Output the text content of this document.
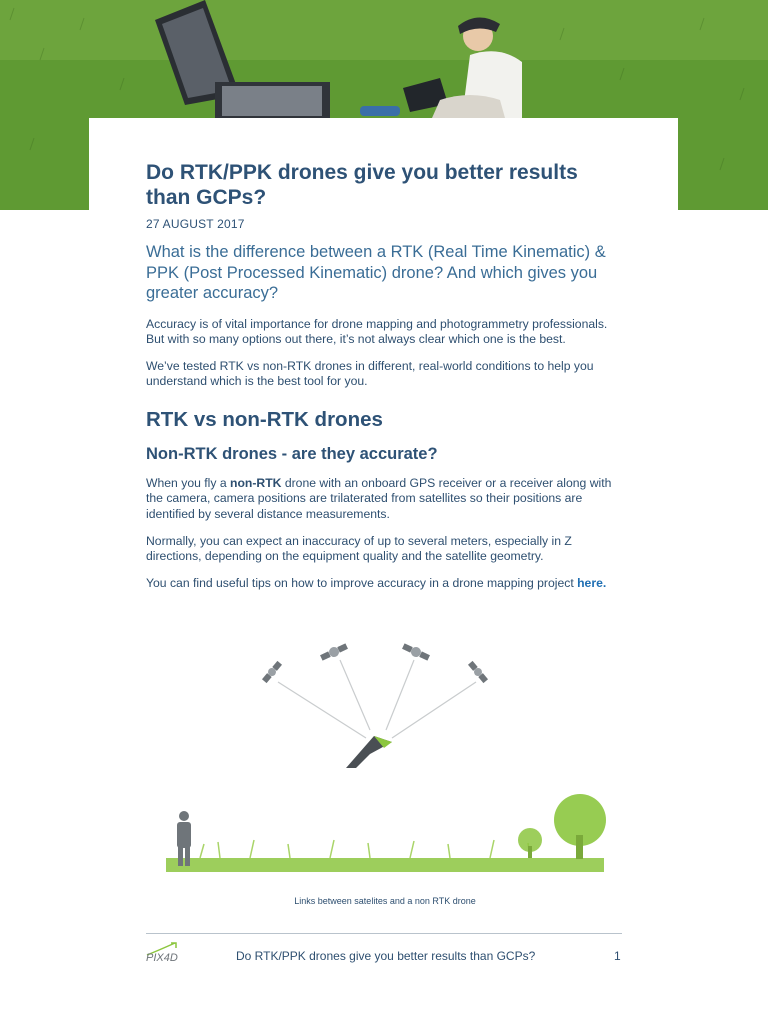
Do RTK/PPK drones give you better results than GCPs?
27 AUGUST 2017
What is the difference between a RTK (Real Time Kinematic) & PPK (Post Processed Kinematic) drone? And which gives you greater accuracy?

Accuracy is of vital importance for drone mapping and photogrammetry professionals. But with so many options out there, it’s not always clear which one is the best.

We’ve tested RTK vs non-RTK drones in different, real-world conditions to help you understand which is the best tool for you.

RTK vs non-RTK drones
Non-RTK drones - are they accurate?

When you fly a non-RTK drone with an onboard GPS receiver or a receiver along with the camera, camera positions are trilaterated from satellites so their positions are identified by several distance measurements.

Normally, you can expect an inaccuracy of up to several meters, especially in Z directions, depending on the equipment quality and the satellite geometry.

You can find useful tips on how to improve accuracy in a drone mapping project here.

Links between satelites and a non RTK drone
PIX4D	Do RTK/PPK drones give you better results than GCPs?	1
